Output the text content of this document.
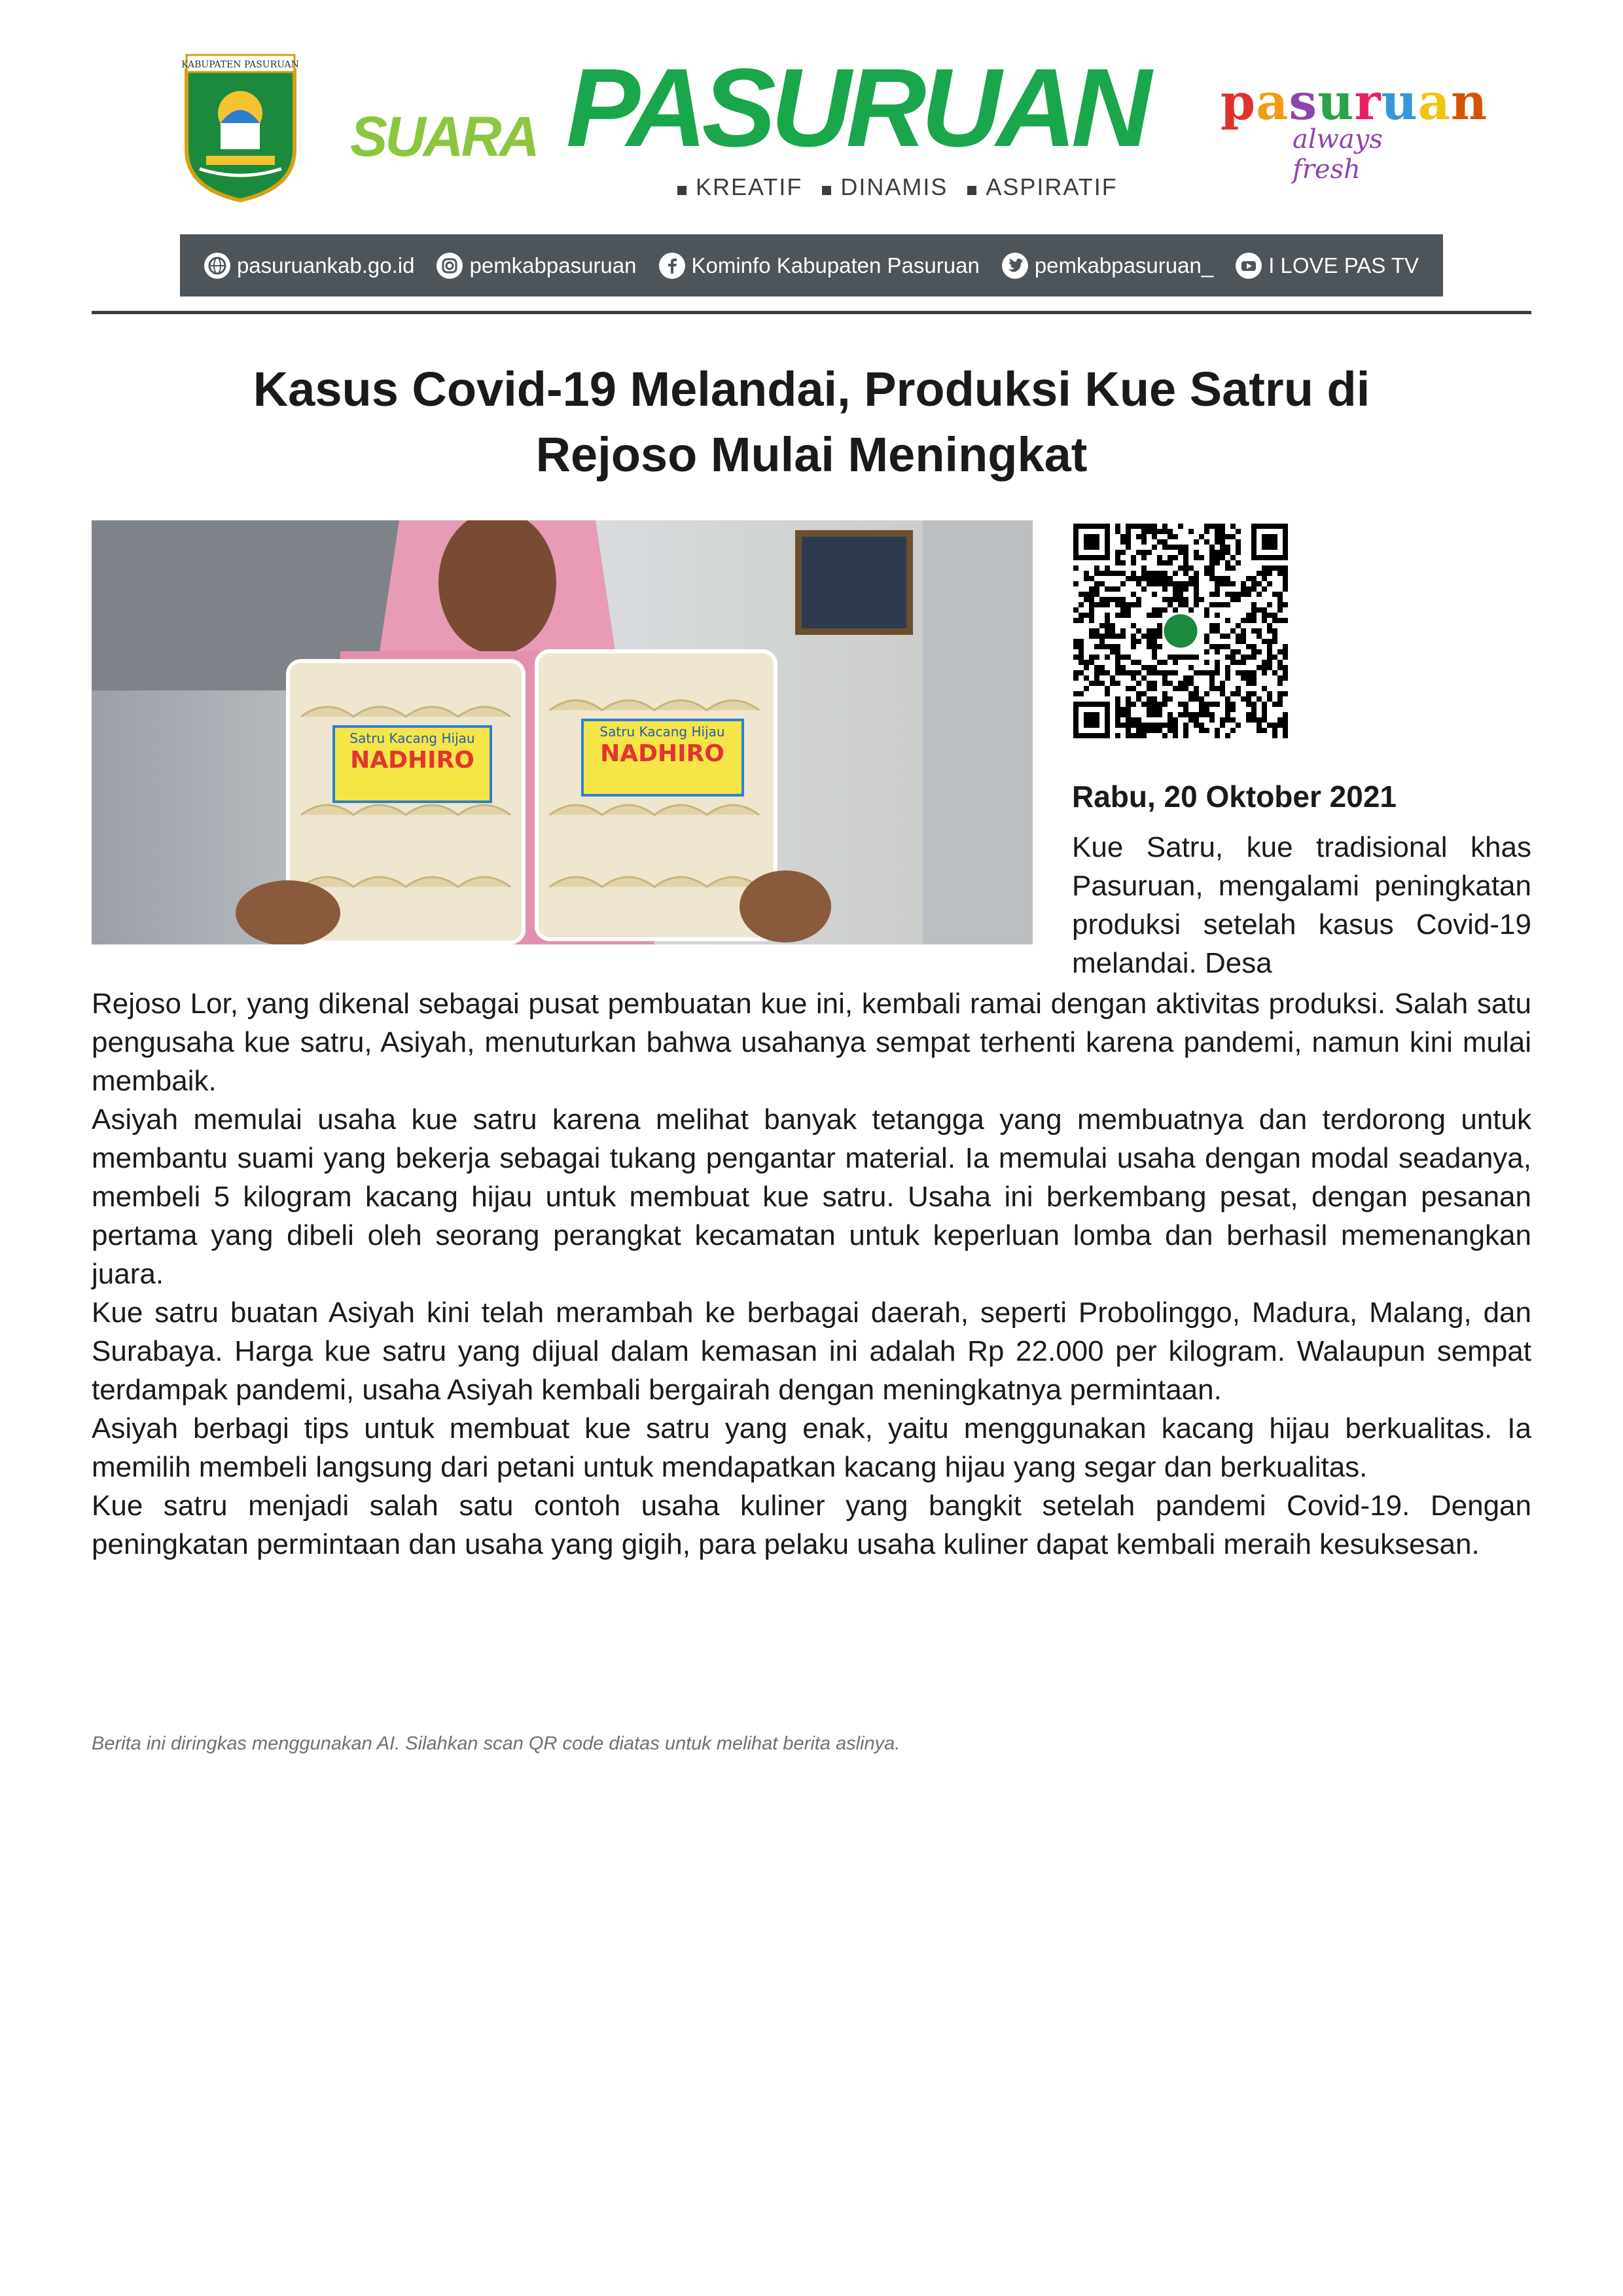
KABUPATEN PASURUAN
SUARA PASURUAN
KREATIF	DINAMIS	ASPIRATIF
pasuruan
always fresh
pasuruankab.go.id	pemkabpasuruan	Kominfo Kabupaten Pasuruan	pemkabpasuruan_	I LOVE PAS TV
Kasus Covid-19 Melandai, Produksi Kue Satru di
Rejoso Mulai Meningkat
Satru Kacang Hijau
NADHIRO
Satru Kacang Hijau
NADHIRO
Rabu, 20 Oktober 2021

Kue Satru, kue tradisional khas Pasuruan, mengalami peningkatan produksi setelah kasus Covid-19 melandai. Desa

Rejoso Lor, yang dikenal sebagai pusat pembuatan kue ini, kembali ramai dengan aktivitas produksi. Salah satu pengusaha kue satru, Asiyah, menuturkan bahwa usahanya sempat terhenti karena pandemi, namun kini mulai membaik.

Asiyah memulai usaha kue satru karena melihat banyak tetangga yang membuatnya dan terdorong untuk membantu suami yang bekerja sebagai tukang pengantar material. Ia memulai usaha dengan modal seadanya, membeli 5 kilogram kacang hijau untuk membuat kue satru. Usaha ini berkembang pesat, dengan pesanan pertama yang dibeli oleh seorang perangkat kecamatan untuk keperluan lomba dan berhasil memenangkan juara.

Kue satru buatan Asiyah kini telah merambah ke berbagai daerah, seperti Probolinggo, Madura, Malang, dan Surabaya. Harga kue satru yang dijual dalam kemasan ini adalah Rp 22.000 per kilogram. Walaupun sempat terdampak pandemi, usaha Asiyah kembali bergairah dengan meningkatnya permintaan.

Asiyah berbagi tips untuk membuat kue satru yang enak, yaitu menggunakan kacang hijau berkualitas. Ia memilih membeli langsung dari petani untuk mendapatkan kacang hijau yang segar dan berkualitas.

Kue satru menjadi salah satu contoh usaha kuliner yang bangkit setelah pandemi Covid-19. Dengan peningkatan permintaan dan usaha yang gigih, para pelaku usaha kuliner dapat kembali meraih kesuksesan.

Berita ini diringkas menggunakan AI. Silahkan scan QR code diatas untuk melihat berita aslinya.
